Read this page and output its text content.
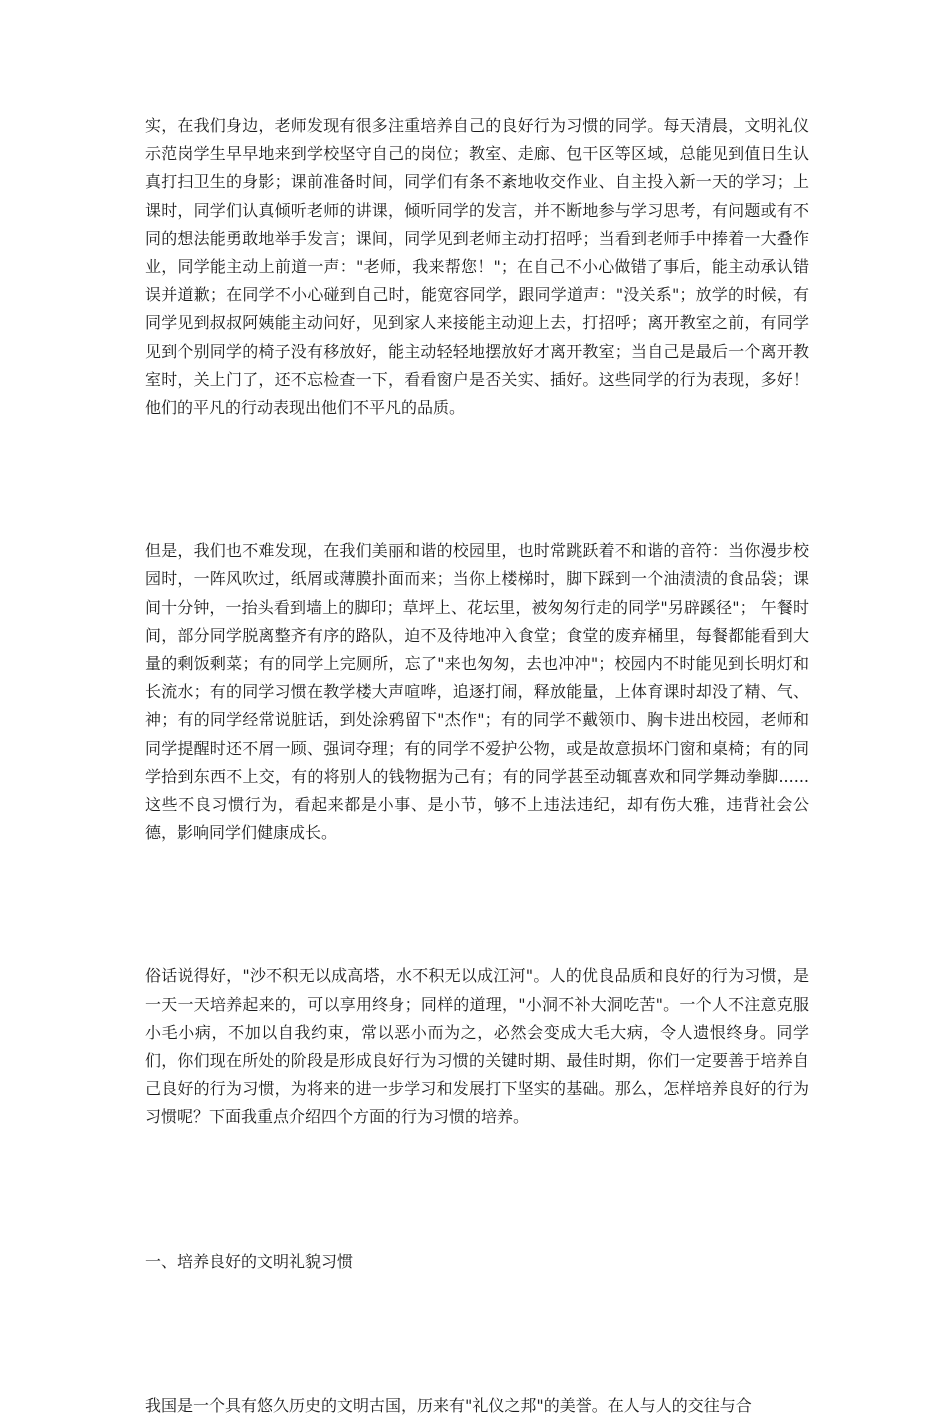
实，在我们身边，老师发现有很多注重培养自己的良好行为习惯的同学。每天清晨，文明礼仪示范岗学生早早地来到学校坚守自己的岗位；教室、走廊、包干区等区域，总能见到值日生认真打扫卫生的身影；课前准备时间，同学们有条不紊地收交作业、自主投入新一天的学习；上课时，同学们认真倾听老师的讲课，倾听同学的发言，并不断地参与学习思考，有问题或有不同的想法能勇敢地举手发言；课间，同学见到老师主动打招呼；当看到老师手中捧着一大叠作业，同学能主动上前道一声："老师，我来帮您！"；在自己不小心做错了事后，能主动承认错误并道歉；在同学不小心碰到自己时，能宽容同学，跟同学道声："没关系"；放学的时候，有同学见到叔叔阿姨能主动问好，见到家人来接能主动迎上去，打招呼；离开教室之前，有同学见到个别同学的椅子没有移放好，能主动轻轻地摆放好才离开教室；当自己是最后一个离开教室时，关上门了，还不忘检查一下，看看窗户是否关实、插好。这些同学的行为表现，多好！他们的平凡的行动表现出他们不平凡的品质。

但是，我们也不难发现，在我们美丽和谐的校园里，也时常跳跃着不和谐的音符：当你漫步校园时，一阵风吹过，纸屑或薄膜扑面而来；当你上楼梯时，脚下踩到一个油渍渍的食品袋；课间十分钟，一抬头看到墙上的脚印；草坪上、花坛里，被匆匆行走的同学"另辟蹊径"； 午餐时间，部分同学脱离整齐有序的路队，迫不及待地冲入食堂；食堂的废弃桶里，每餐都能看到大量的剩饭剩菜；有的同学上完厕所，忘了"来也匆匆，去也冲冲"；校园内不时能见到长明灯和长流水；有的同学习惯在教学楼大声喧哗，追逐打闹，释放能量，上体育课时却没了精、气、神；有的同学经常说脏话，到处涂鸦留下"杰作"；有的同学不戴领巾、胸卡进出校园，老师和同学提醒时还不屑一顾、强词夺理；有的同学不爱护公物，或是故意损坏门窗和桌椅；有的同学拾到东西不上交，有的将别人的钱物据为己有；有的同学甚至动辄喜欢和同学舞动拳脚......这些不良习惯行为，看起来都是小事、是小节，够不上违法违纪，却有伤大雅，违背社会公德，影响同学们健康成长。

俗话说得好，"沙不积无以成高塔，水不积无以成江河"。人的优良品质和良好的行为习惯，是一天一天培养起来的，可以享用终身；同样的道理，"小洞不补大洞吃苦"。一个人不注意克服小毛小病，不加以自我约束，常以恶小而为之，必然会变成大毛大病，令人遗恨终身。同学们，你们现在所处的阶段是形成良好行为习惯的关键时期、最佳时期，你们一定要善于培养自己良好的行为习惯，为将来的进一步学习和发展打下坚实的基础。那么，怎样培养良好的行为习惯呢？下面我重点介绍四个方面的行为习惯的培养。

一、培养良好的文明礼貌习惯

我国是一个具有悠久历史的文明古国，历来有"礼仪之邦"的美誉。在人与人的交往与合
